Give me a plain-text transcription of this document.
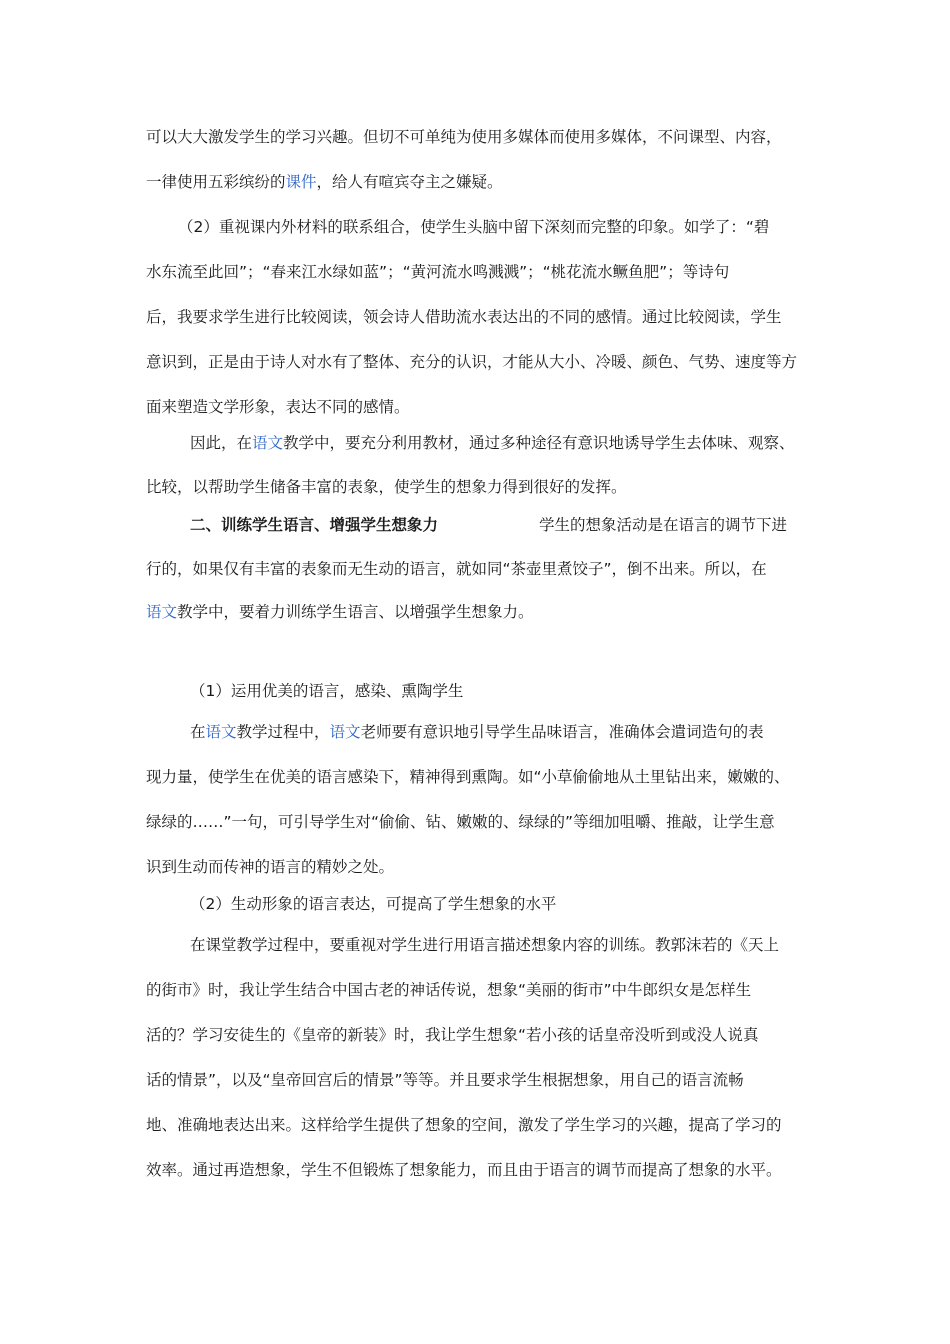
可以大大激发学生的学习兴趣。但切不可单纯为使用多媒体而使用多媒体，不问课型、内容，
一律使用五彩缤纷的课件，给人有喧宾夺主之嫌疑。
（2）重视课内外材料的联系组合，使学生头脑中留下深刻而完整的印象。如学了：“碧
水东流至此回”；“春来江水绿如蓝”；“黄河流水鸣溅溅”；“桃花流水鳜鱼肥”；等诗句
后，我要求学生进行比较阅读，领会诗人借助流水表达出的不同的感情。通过比较阅读，学生
意识到，正是由于诗人对水有了整体、充分的认识，才能从大小、冷暖、颜色、气势、速度等方
面来塑造文学形象，表达不同的感情。
因此，在语文教学中，要充分利用教材，通过多种途径有意识地诱导学生去体味、观察、
比较，以帮助学生储备丰富的表象，使学生的想象力得到很好的发挥。
二、训练学生语言、增强学生想象力	学生的想象活动是在语言的调节下进
行的，如果仅有丰富的表象而无生动的语言，就如同“茶壶里煮饺子”，倒不出来。所以，在
语文教学中，要着力训练学生语言、以增强学生想象力。
（1）运用优美的语言，感染、熏陶学生
在语文教学过程中，语文老师要有意识地引导学生品味语言，准确体会遣词造句的表
现力量，使学生在优美的语言感染下，精神得到熏陶。如“小草偷偷地从土里钻出来，嫩嫩的、
绿绿的……”一句，可引导学生对“偷偷、钻、嫩嫩的、绿绿的”等细加咀嚼、推敲，让学生意
识到生动而传神的语言的精妙之处。
（2）生动形象的语言表达，可提高了学生想象的水平
在课堂教学过程中，要重视对学生进行用语言描述想象内容的训练。教郭沫若的《天上
的街市》时，我让学生结合中国古老的神话传说，想象“美丽的街市”中牛郎织女是怎样生
活的？学习安徒生的《皇帝的新装》时，我让学生想象“若小孩的话皇帝没听到或没人说真
话的情景”，以及“皇帝回宫后的情景”等等。并且要求学生根据想象，用自己的语言流畅
地、准确地表达出来。这样给学生提供了想象的空间，激发了学生学习的兴趣，提高了学习的
效率。通过再造想象，学生不但锻炼了想象能力，而且由于语言的调节而提高了想象的水平。
